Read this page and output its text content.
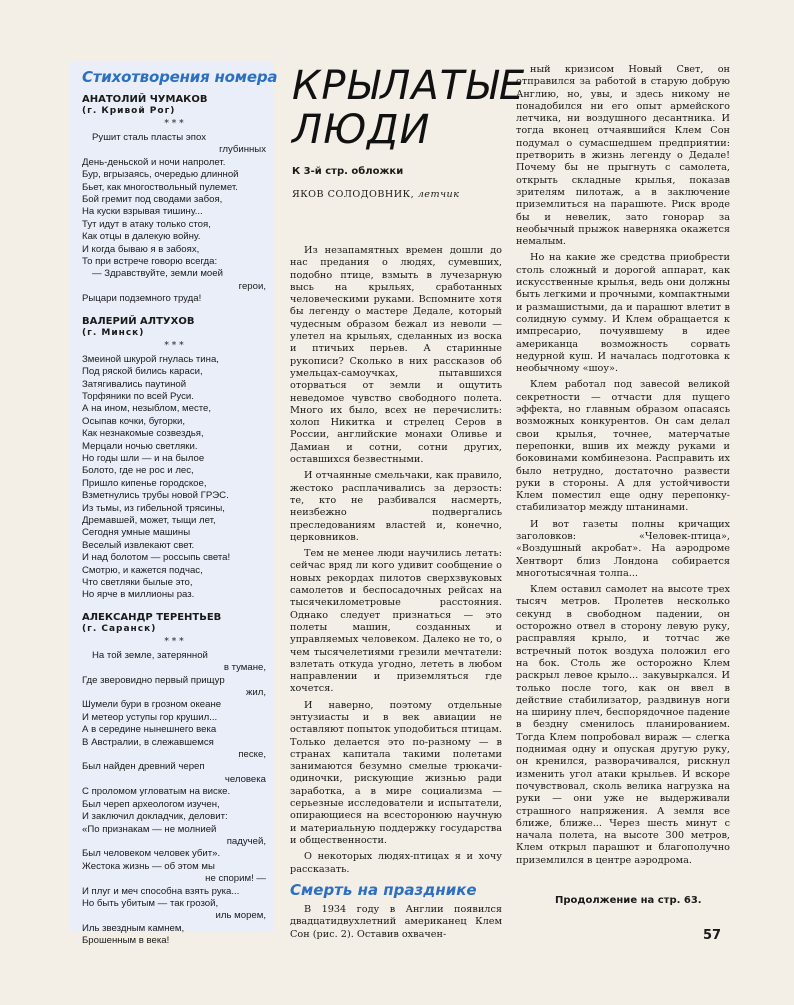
Стихотворения номера
АНАТОЛИЙ ЧУМАКОВ
(г. Кривой Рог)
* * *
Рушит сталь пласты эпох
глубинных
День-деньской и ночи напролет.
Бур, вгрызаясь, очередью длинной
Бьет, как многоствольный пулемет.
Бой гремит под сводами забоя,
На куски взрывая тишину...
Тут идут в атаку только стоя,
Как отцы в далекую войну.
И когда бываю я в забоях,
То при встрече говорю всегда:
— Здравствуйте, земли моей
герои,
Рыцари подземного труда!
ВАЛЕРИЙ АЛТУХОВ
(г. Минск)
* * *
Змеиной шкурой гнулась тина,
Под ряской бились караси,
Затягивались паутиной
Торфяники по всей Руси.
А на ином, незыблом, месте,
Осыпав кочки, бугорки,
Как незнакомые созвездья,
Мерцали ночью светляки.
Но годы шли — и на былое
Болото, где не рос и лес,
Пришло кипенье городское,
Взметнулись трубы новой ГРЭС.
Из тьмы, из гибельной трясины,
Дремавшей, может, тыщи лет,
Сегодня умные машины
Веселый извлекают свет.
И над болотом — россыпь света!
Смотрю, и кажется подчас,
Что светляки былые это,
Но ярче в миллионы раз.
АЛЕКСАНДР ТЕРЕНТЬЕВ
(г. Саранск)
* * *
На той земле, затерянной
в тумане,
Где зверовидно первый прищур
жил,
Шумели бури в грозном океане
И метеор уступы гор крушил...
А в середине нынешнего века
В Австралии, в слежавшемся
песке,
Был найден древний череп
человека
С проломом угловатым на виске.
Был череп археологом изучен,
И заключил докладчик, деловит:
«По признакам — не молнией
падучей,
Был человеком человек убит».
Жестока жизнь — об этом мы
не спорим! —
И плуг и меч способна взять рука...
Но быть убитым — так грозой,
иль морем,
Иль звездным камнем,
Брошенным в века!
КРЫЛАТЫЕ
ЛЮДИ
К 3-й стр. обложки
ЯКОВ СОЛОДОВНИК, летчик

Из незапамятных времен дошли до нас предания о людях, сумевших, подобно птице, взмыть в лучезарную высь на крыльях, срабoтанных человеческими руками. Вспомните хотя бы легенду о мастере Дедале, который чудесным образом бежал из неволи — улетел на крыльях, сделанных из воска и птичьих перьев. А старинные рукописи? Сколько в них рассказов об умельцах-самоучках, пытавшихся оторваться от земли и ощутить неведомое чувство свободного полета. Много их было, всех не перечислить: холоп Никитка и стрелец Серов в России, английские монахи Оливье и Дамиан и сотни, сотни других, оставшихся безвестными.

И отчаянные смельчаки, как правило, жестоко расплачивались за дерзость: те, кто не разбивался насмерть, неизбежно подвергались преследованиям властей и, конечно, церковников.

Тем не менее люди научились летать: сейчас вряд ли кого удивит сообщение о новых рекордах пилотов сверхзвуковых самолетов и беспосадочных рейсах на тысячекилометровые расстояния. Однако следует признаться — это полеты машин, созданных и управляемых человеком. Далеко не то, о чем тысячелетиями грезили мечтатели: взлетать откуда угодно, лететь в любом направлении и приземляться где хочется.

И наверно, поэтому отдельные энтузиасты и в век авиации не оставляют попыток уподобиться птицам. Только делается это по-разному — в странах капитала такими полетами занимаются безумно смелые трюкачи-одиночки, рискующие жизнью ради заработка, а в мире социализма — серьезные исследователи и испытатели, опирающиеся на всесторонюю научную и материальную поддержку государства и общественности.

О некоторых людях-птицах я и хочу рассказать.

Смерть на празднике

В 1934 году в Англии появился двадцатидвухлетний американец Клем Сон (рис. 2). Оставив охвачен-

ный кризисом Новый Свет, он отправился за работой в старую добрую Англию, но, увы, и здесь никому не понадобился ни его опыт армейского летчика, ни воздушного десантника. И тогда вконец отчаявшийся Клем Сон подумал о сумасшедшем предприятии: претворить в жизнь легенду о Дедале! Почему бы не прыгнуть с самолета, открыть складные крылья, показав зрителям пилотаж, а в заключение приземлиться на парашюте. Риск вроде бы и невелик, зато гонорар за необычный прыжок наверняка окажется немалым.

Но на какие же средства приобрести столь сложный и дорогой аппарат, как искусственные крылья, ведь они должны быть легкими и прочными, компактными и размашистыми, да и парашют влетит в солидную сумму. И Клем обращается к импресарио, почуявшему в идее американца возможность сорвать недурной куш. И началась подготовка к необычному «шоу».

Клем работал под завесой великой секретности — отчасти для пущего эффекта, но главным образом опасаясь возможных конкурентов. Он сам делал свои крылья, точнее, матерчатые перепонки, вшив их между руками и боковинами комбинезона. Расправить их было нетрудно, достаточно развести руки в стороны. А для устойчивости Клем поместил еще одну перепонку-стабилизатор между штанинами.

И вот газеты полны кричащих заголовков: «Человек-птица», «Воздушный акробат». На аэродроме Хентворт близ Лондона собирается многотысячная толпа...

Клем оставил самолет на высоте трех тысяч метров. Пролетев несколько секунд в свободном падении, он осторожно отвел в сторону левую руку, расправляя крыло, и тотчас же встречный поток воздуха положил его на бок. Столь же осторожно Клем раскрыл левое крыло... закувыркался. И только после того, как он ввел в действие стабилизатор, раздвинув ноги на ширину плеч, беспорядочное падение в бездну сменилось планированием. Тогда Клем попробовал вираж — слегка поднимая одну и опуская другую руку, он кренился, разворачивался, рискнул изменить угол атаки крыльев. И вскоре почувствовал, сколь велика нагрузка на руки — они уже не выдерживали страшного напряжения. А земля все ближе, ближе... Через шесть минут с начала полета, на высоте 300 метров, Клем открыл парашют и благополучно приземлился в центре аэродрома.

Продолжение на стр. 63.
57
